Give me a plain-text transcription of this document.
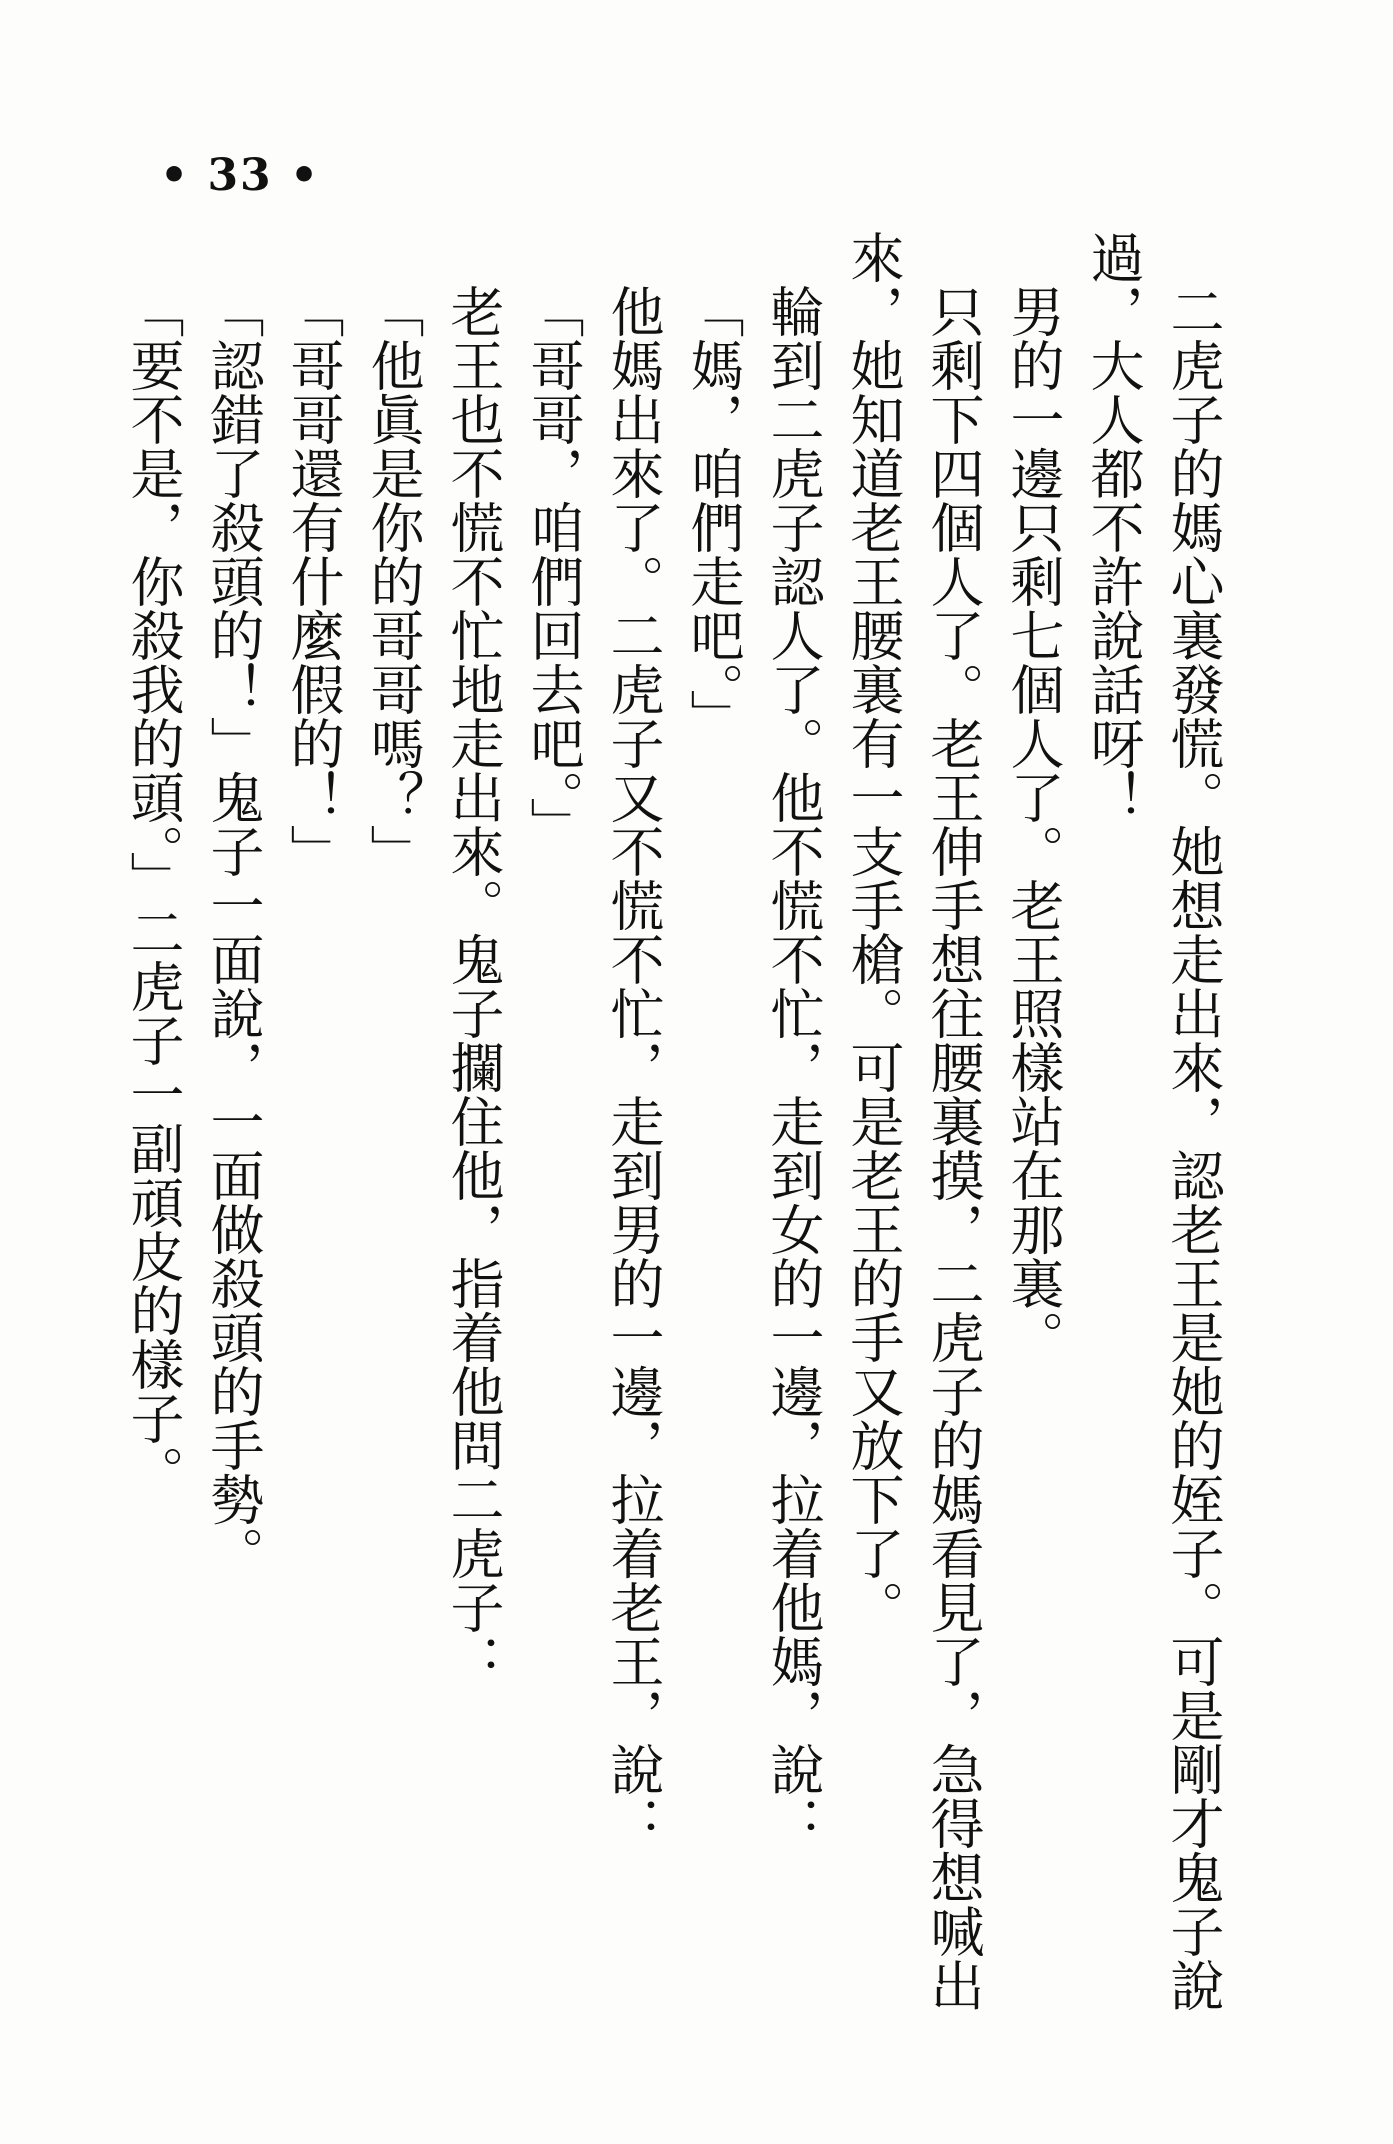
• 33 •

二虎子的媽心裏發慌。她想走出來，認老王是她的姪子。可是剛才鬼子說過，大人都不許說話呀！

男的一邊只剩七個人了。老王照樣站在那裏。

只剩下四個人了。老王伸手想往腰裏摸，二虎子的媽看見了，急得想喊出來，她知道老王腰裏有一支手槍。可是老王的手又放下了。

輪到二虎子認人了。他不慌不忙，走到女的一邊，拉着他媽，說：

「媽，咱們走吧。」

他媽出來了。二虎子又不慌不忙，走到男的一邊，拉着老王，說：

「哥哥，咱們回去吧。」

老王也不慌不忙地走出來。鬼子攔住他，指着他問二虎子：

「他眞是你的哥哥嗎？」

「哥哥還有什麼假的！」

「認錯了殺頭的！」鬼子一面說，一面做殺頭的手勢。

「要不是，你殺我的頭。」二虎子一副頑皮的樣子。
